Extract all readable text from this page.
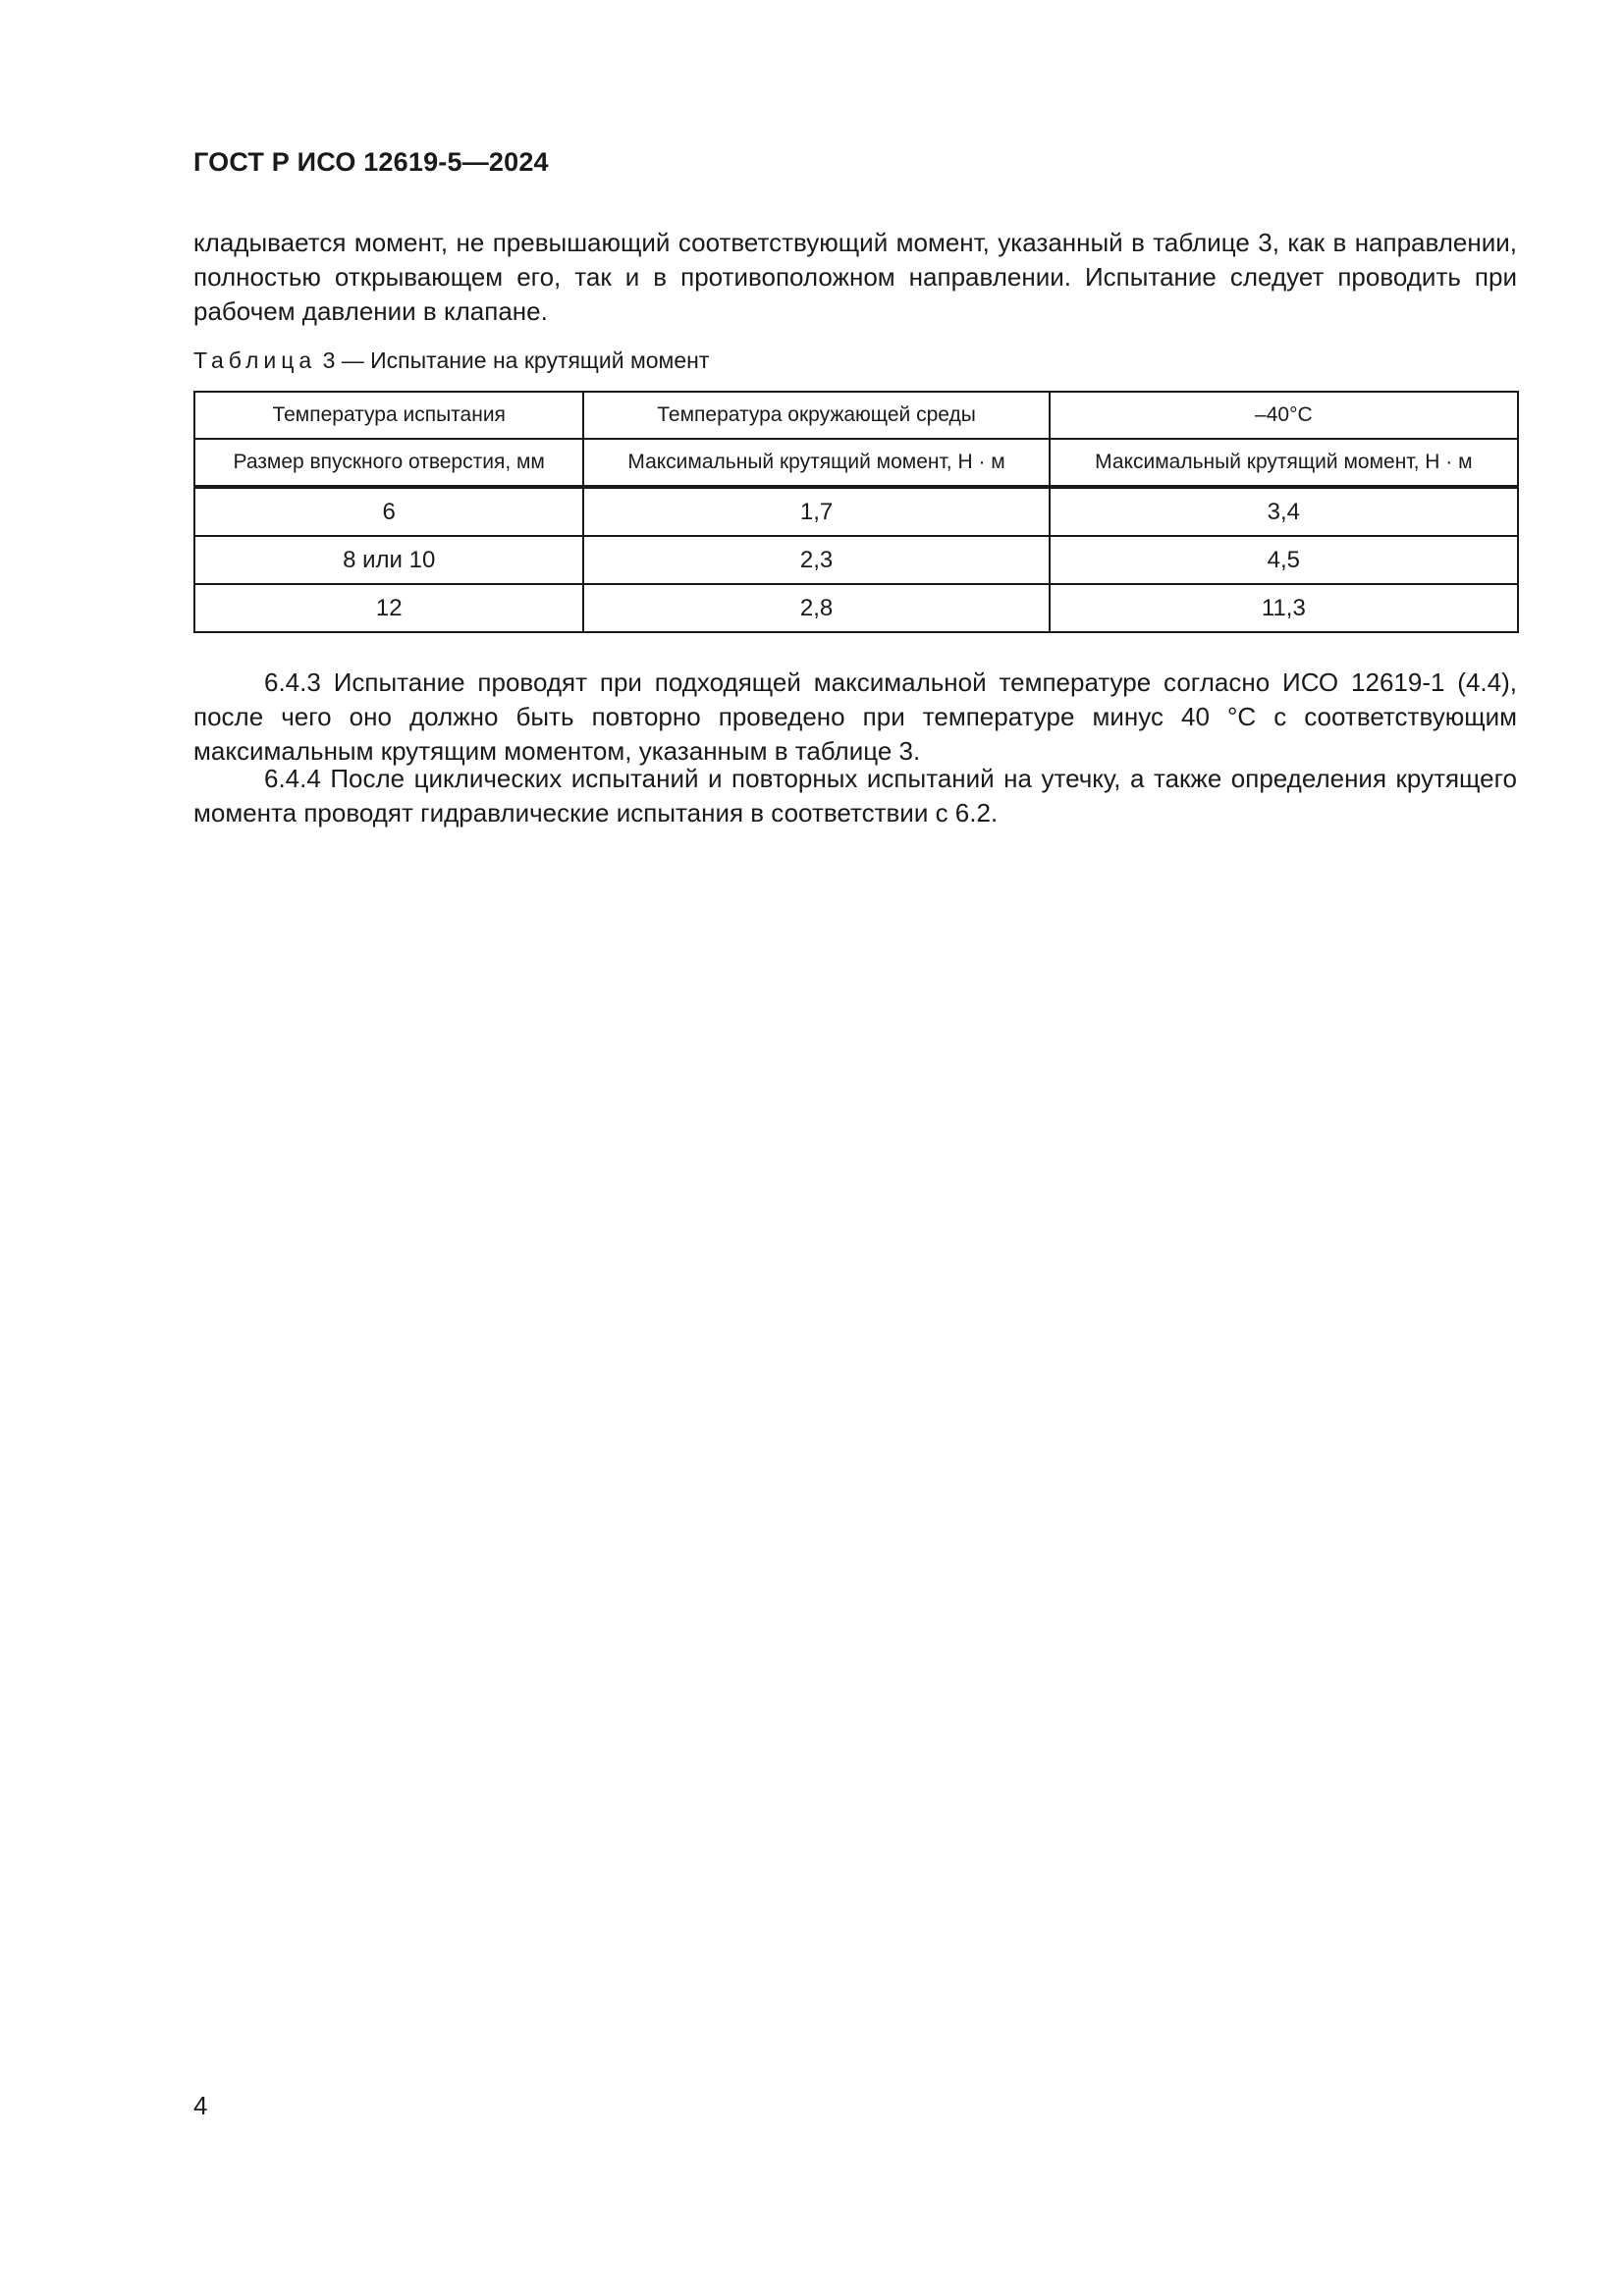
ГОСТ Р ИСО 12619-5—2024
кладывается момент, не превышающий соответствующий момент, указанный в таблице 3, как в направлении, полностью открывающем его, так и в противоположном направлении. Испытание следует проводить при рабочем давлении в клапане.
Таблица 3 — Испытание на крутящий момент
Температура испытания	Температура окружающей среды	–40°C
Размер впускного отверстия, мм	Максимальный крутящий момент, Н · м	Максимальный крутящий момент, Н · м
6	1,7	3,4
8 или 10	2,3	4,5
12	2,8	11,3
6.4.3 Испытание проводят при подходящей максимальной температуре согласно ИСО 12619-1 (4.4), после чего оно должно быть повторно проведено при температуре минус 40 °C с соответствующим максимальным крутящим моментом, указанным в таблице 3.
6.4.4 После циклических испытаний и повторных испытаний на утечку, а также определения крутящего момента проводят гидравлические испытания в соответствии с 6.2.
4
